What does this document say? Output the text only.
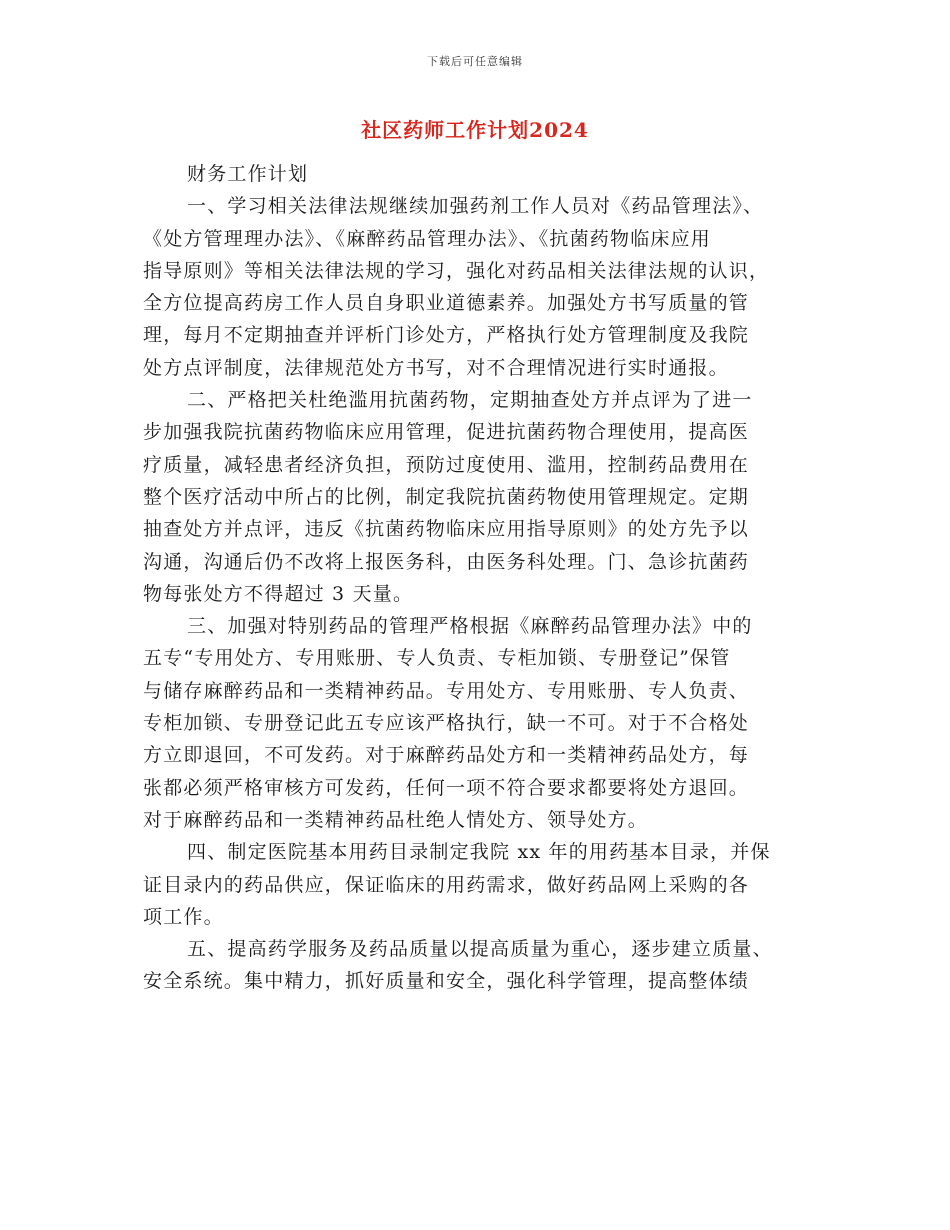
下载后可任意编辑
社区药师工作计划2024
财务工作计划
一、学习相关法律法规继续加强药剂工作人员对《药品管理法》、
《处方管理理办法》、《麻醉药品管理办法》、《抗菌药物临床应用
指导原则》等相关法律法规的学习，强化对药品相关法律法规的认识，
全方位提高药房工作人员自身职业道德素养。加强处方书写质量的管
理，每月不定期抽查并评析门诊处方，严格执行处方管理制度及我院
处方点评制度，法律规范处方书写，对不合理情况进行实时通报。
二、严格把关杜绝滥用抗菌药物，定期抽查处方并点评为了进一
步加强我院抗菌药物临床应用管理，促进抗菌药物合理使用，提高医
疗质量，减轻患者经济负担，预防过度使用、滥用，控制药品费用在
整个医疗活动中所占的比例，制定我院抗菌药物使用管理规定。定期
抽查处方并点评，违反《抗菌药物临床应用指导原则》的处方先予以
沟通，沟通后仍不改将上报医务科，由医务科处理。门、急诊抗菌药
物每张处方不得超过 3 天量。
三、加强对特别药品的管理严格根据《麻醉药品管理办法》中的
五专“专用处方、专用账册、专人负责、专柜加锁、专册登记”保管
与储存麻醉药品和一类精神药品。专用处方、专用账册、专人负责、
专柜加锁、专册登记此五专应该严格执行，缺一不可。对于不合格处
方立即退回，不可发药。对于麻醉药品处方和一类精神药品处方，每
张都必须严格审核方可发药，任何一项不符合要求都要将处方退回。
对于麻醉药品和一类精神药品杜绝人情处方、领导处方。
四、制定医院基本用药目录制定我院 xx 年的用药基本目录，并保
证目录内的药品供应，保证临床的用药需求，做好药品网上采购的各
项工作。
五、提高药学服务及药品质量以提高质量为重心，逐步建立质量、
安全系统。集中精力，抓好质量和安全，强化科学管理，提高整体绩
